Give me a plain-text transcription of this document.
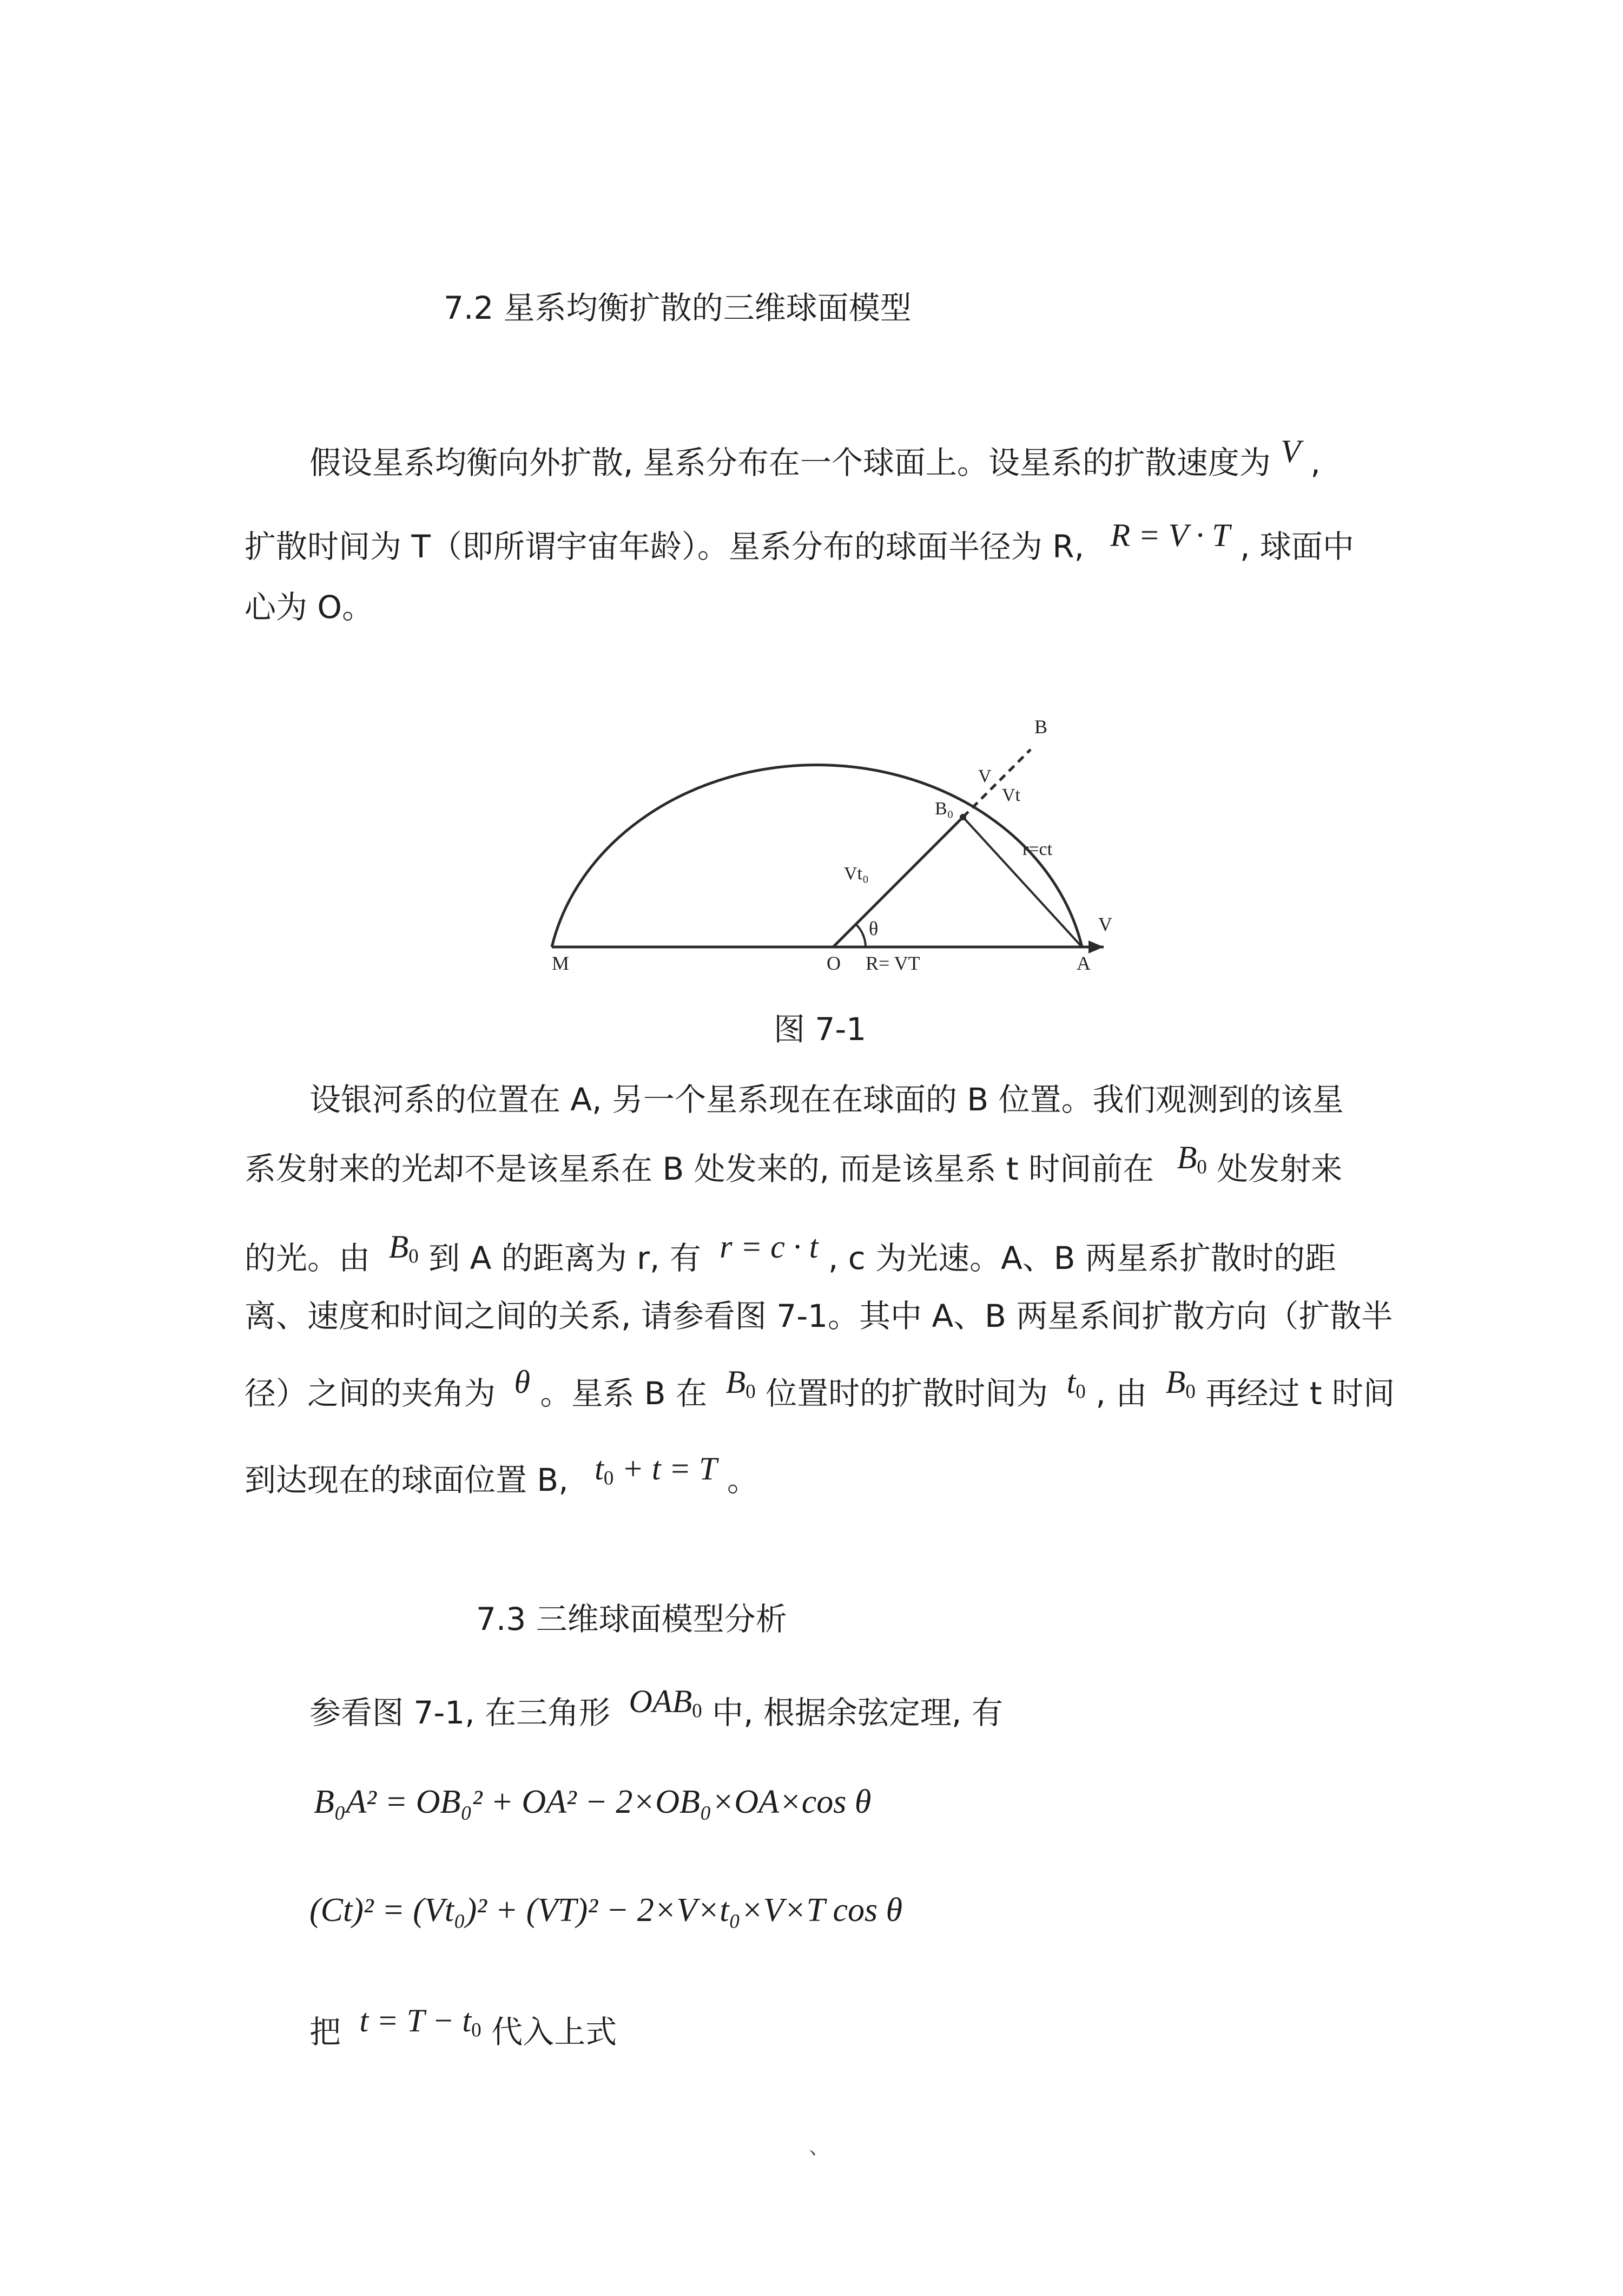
7.2 星系均衡扩散的三维球面模型
假设星系均衡向外扩散, 星系分布在一个球面上。设星系的扩散速度为 V ,
扩散时间为 T（即所谓宇宙年龄）。星系分布的球面半径为 R, R = V · T , 球面中
心为 O。
M	O R= VT	A
V
B
V
Vt
B₀
Vt₀
r=ct
θ
图 7-1
设银河系的位置在 A, 另一个星系现在在球面的 B 位置。我们观测到的该星
系发射来的光却不是该星系在 B 处发来的, 而是该星系 t 时间前在 $B_0$ 处发射来
的光。由 $B_0$ 到 A 的距离为 r, 有 r = c · t , c 为光速。A、B 两星系扩散时的距
离、速度和时间之间的关系, 请参看图 7-1。其中 A、B 两星系间扩散方向（扩散半
径）之间的夹角为 θ 。星系 B 在 $B_0$ 位置时的扩散时间为 $t_0$ , 由 $B_0$ 再经过 t 时间
到达现在的球面位置 B, $t_0 + t = T$ 。
7.3 三维球面模型分析
参看图 7-1, 在三角形 $OAB_0$ 中, 根据余弦定理, 有
B₀A² = OB₀² + OA² − 2×OB₀×OA×cos θ
(Ct)² = (Vt₀)² + (VT)² − 2×V×t₀×V×T cos θ
把 $t = T - t_0$ 代入上式
、
